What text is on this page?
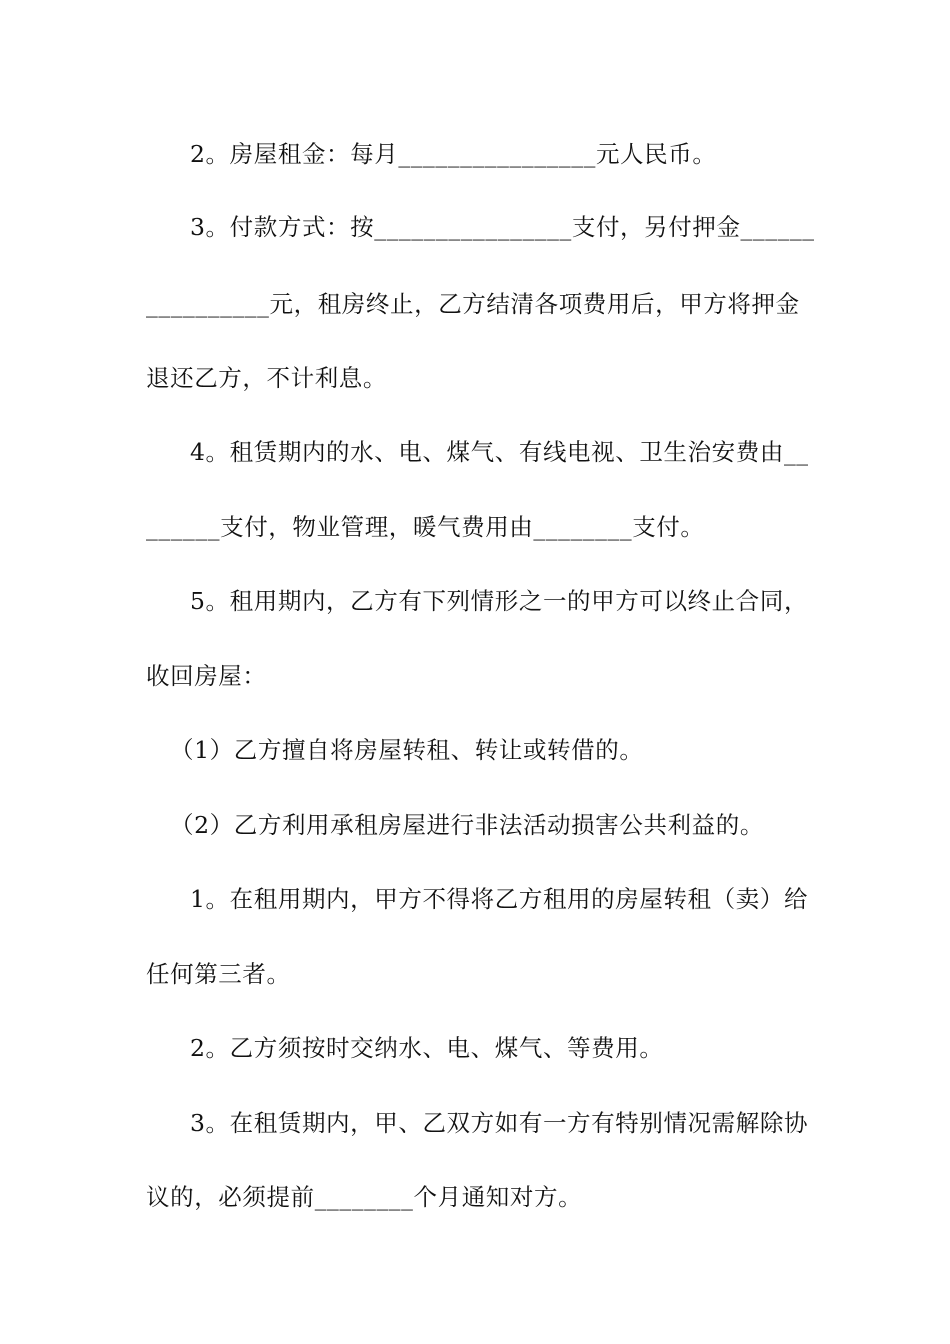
2。房屋租金：每月________________元人民币。
3。付款方式：按________________支付，另付押金______
__________元，租房终止，乙方结清各项费用后，甲方将押金
退还乙方，不计利息。
4。租赁期内的水、电、煤气、有线电视、卫生治安费由__
______支付，物业管理，暖气费用由________支付。
5。租用期内，乙方有下列情形之一的甲方可以终止合同，
收回房屋：
（1）乙方擅自将房屋转租、转让或转借的。
（2）乙方利用承租房屋进行非法活动损害公共利益的。
1。在租用期内，甲方不得将乙方租用的房屋转租（卖）给
任何第三者。
2。乙方须按时交纳水、电、煤气、等费用。
3。在租赁期内，甲、乙双方如有一方有特别情况需解除协
议的，必须提前________个月通知对方。
